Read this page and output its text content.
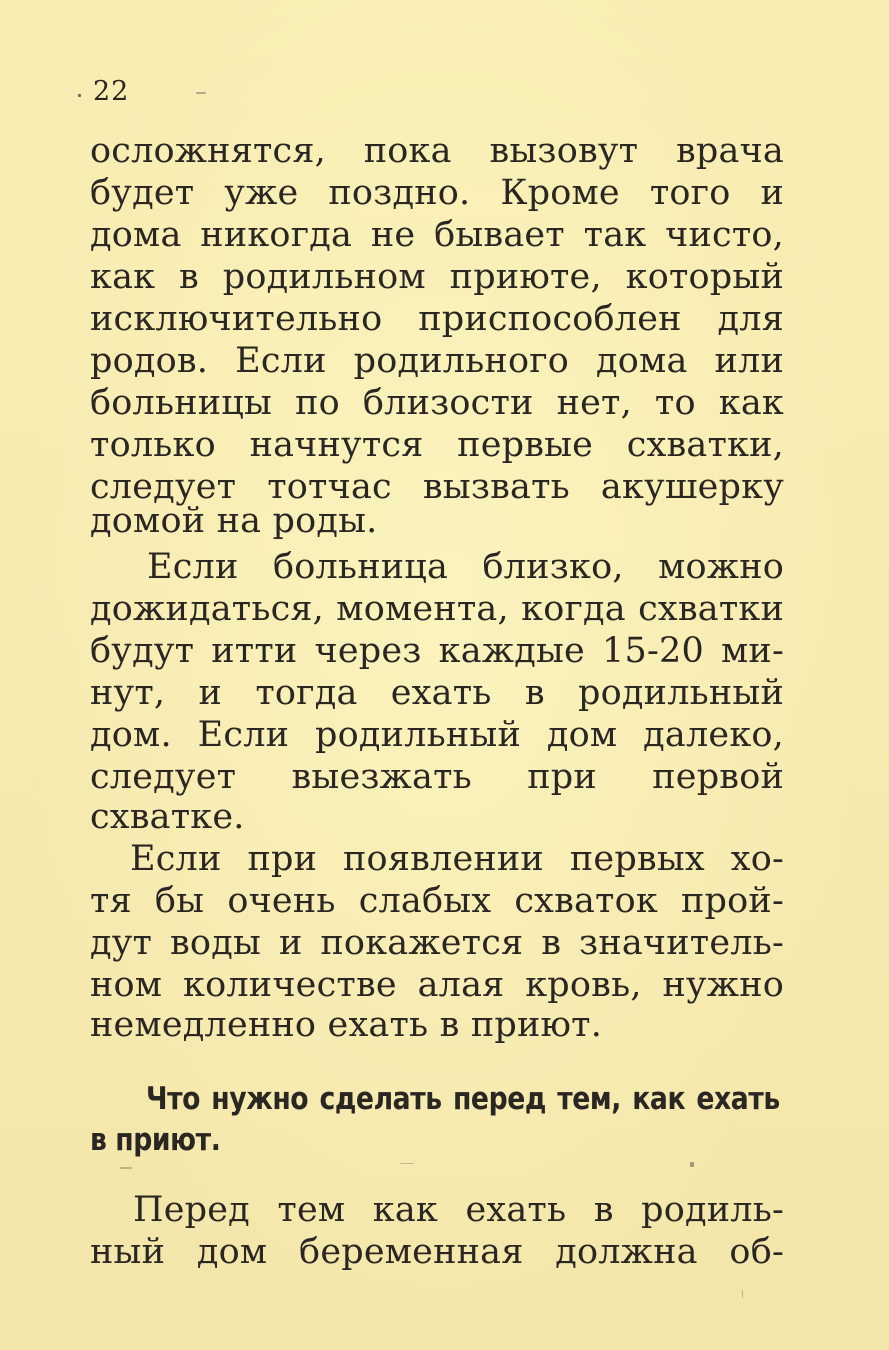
22
осложнятся, пока вызовут врача
будет уже поздно. Кроме того и
дома никогда не бывает так чисто,
как в родильном приюте, который
исключительно приспособлен для
родов. Если родильного дома или
больницы по близости нет, то как
только начнутся первые схватки,
следует тотчас вызвать акушерку
домой на роды.
Если больница близко, можно
дожидаться, момента, когда схватки
будут итти через каждые 15-20 ми-
нут, и тогда ехать в родильный
дом. Если родильный дом далеко,
следует выезжать при первой
схватке.
Если при появлении первых хо-
тя бы очень слабых схваток прой-
дут воды и покажется в значитель-
ном количестве алая кровь, нужно
немедленно ехать в приют.
Что нужно сделать перед тем, как ехать
в приют.
Перед тем как ехать в родиль-
ный дом беременная должна об-
